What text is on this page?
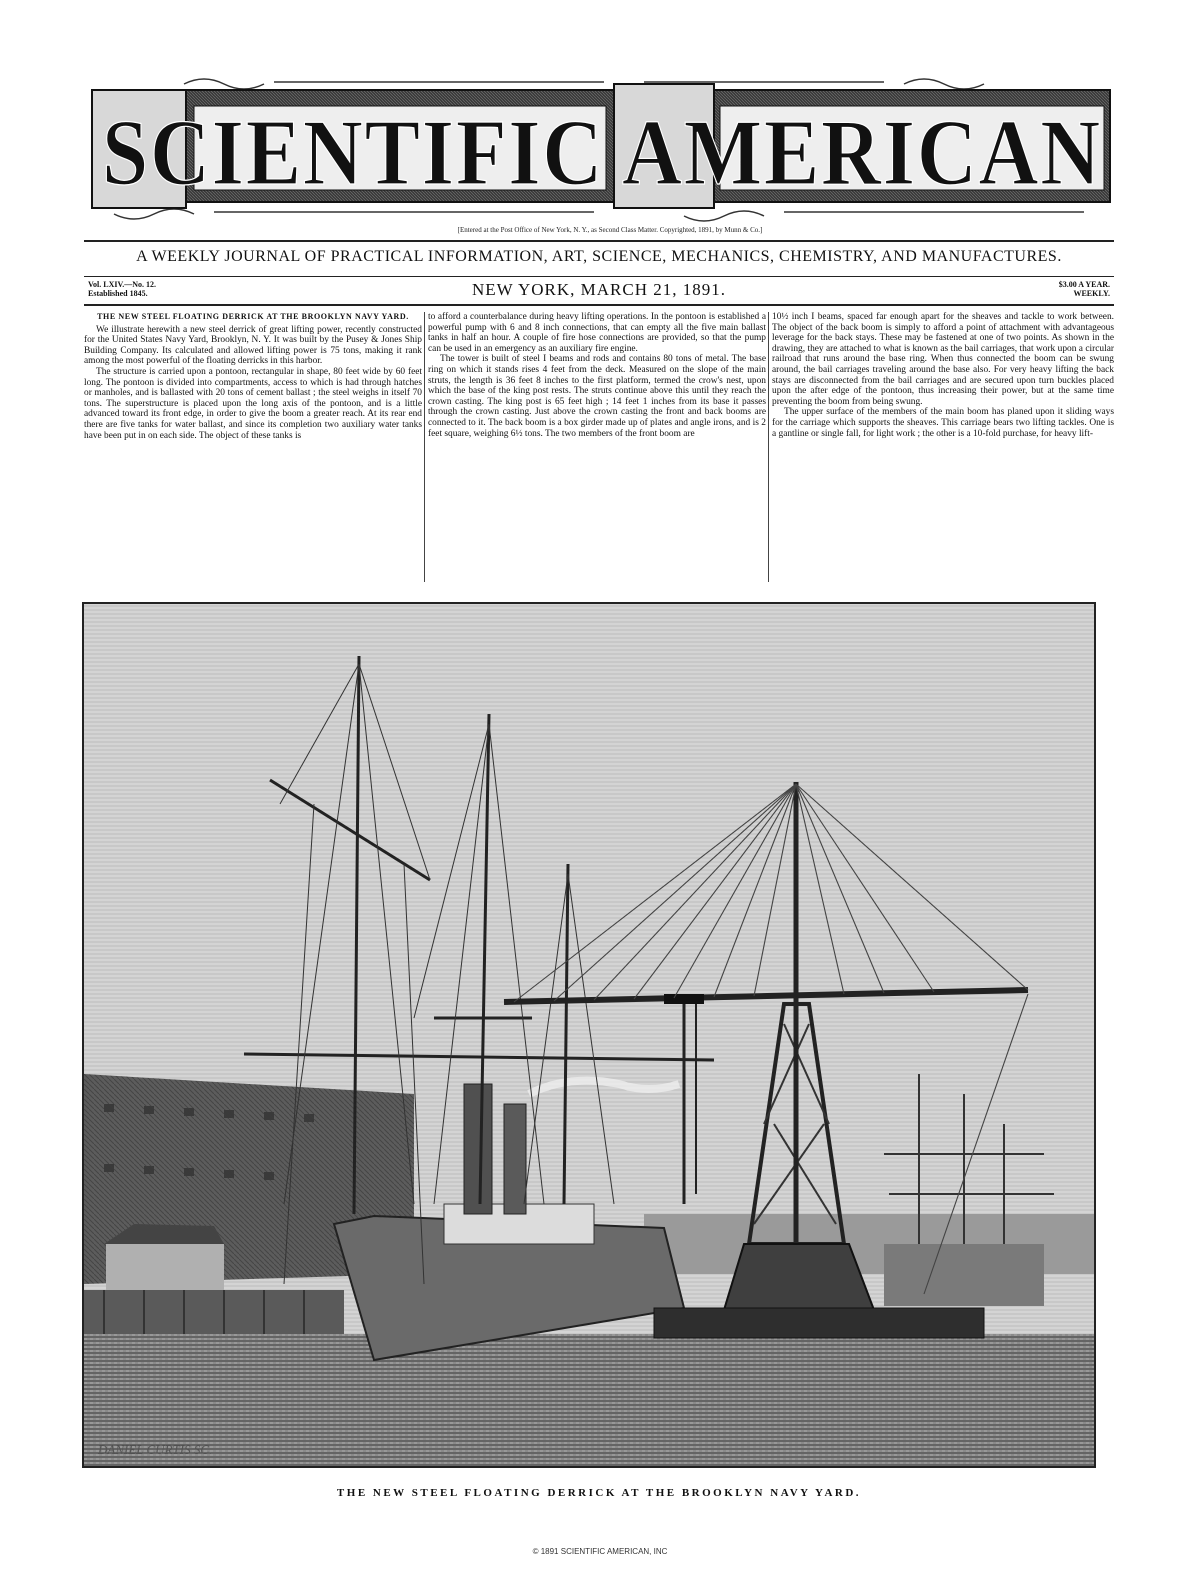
SCIENTIFIC AMERICAN
[Entered at the Post Office of New York, N. Y., as Second Class Matter. Copyrighted, 1891, by Munn & Co.]
A WEEKLY JOURNAL OF PRACTICAL INFORMATION, ART, SCIENCE, MECHANICS, CHEMISTRY, AND MANUFACTURES.
Vol. LXIV.—No. 12.
Established 1845.	NEW YORK, MARCH 21, 1891.	$3.00 A YEAR.
WEEKLY.
THE NEW STEEL FLOATING DERRICK AT THE BROOKLYN NAVY YARD.

We illustrate herewith a new steel derrick of great lifting power, recently constructed for the United States Navy Yard, Brooklyn, N. Y. It was built by the Pusey & Jones Ship Building Company. Its calculated and allowed lifting power is 75 tons, making it rank among the most powerful of the floating derricks in this harbor.

The structure is carried upon a pontoon, rectangular in shape, 80 feet wide by 60 feet long. The pontoon is divided into compartments, access to which is had through hatches or manholes, and is ballasted with 20 tons of cement ballast ; the steel weighs in itself 70 tons. The superstructure is placed upon the long axis of the pontoon, and is a little advanced toward its front edge, in order to give the boom a greater reach. At its rear end there are five tanks for water ballast, and since its completion two auxiliary water tanks have been put in on each side. The object of these tanks is

to afford a counterbalance during heavy lifting operations. In the pontoon is established a powerful pump with 6 and 8 inch connections, that can empty all the five main ballast tanks in half an hour. A couple of fire hose connections are provided, so that the pump can be used in an emergency as an auxiliary fire engine.

The tower is built of steel I beams and rods and contains 80 tons of metal. The base ring on which it stands rises 4 feet from the deck. Measured on the slope of the main struts, the length is 36 feet 8 inches to the first platform, termed the crow's nest, upon which the base of the king post rests. The struts continue above this until they reach the crown casting. The king post is 65 feet high ; 14 feet 1 inches from its base it passes through the crown casting. Just above the crown casting the front and back booms are connected to it. The back boom is a box girder made up of plates and angle irons, and is 2 feet square, weighing 6½ tons. The two members of the front boom are

10½ inch I beams, spaced far enough apart for the sheaves and tackle to work between. The object of the back boom is simply to afford a point of attachment with advantageous leverage for the back stays. These may be fastened at one of two points. As shown in the drawing, they are attached to what is known as the bail carriages, that work upon a circular railroad that runs around the base ring. When thus connected the boom can be swung around, the bail carriages traveling around the base also. For very heavy lifting the back stays are disconnected from the bail carriages and are secured upon turn buckles placed upon the after edge of the pontoon, thus increasing their power, but at the same time preventing the boom from being swung.

The upper surface of the members of the main boom has planed upon it sliding ways for the carriage which supports the sheaves. This carriage bears two lifting tackles. One is a gantline or single fall, for light work ; the other is a 10-fold purchase, for heavy lift-

DANIEL CURTIS SC.
THE NEW STEEL FLOATING DERRICK AT THE BROOKLYN NAVY YARD.
© 1891 SCIENTIFIC AMERICAN, INC
